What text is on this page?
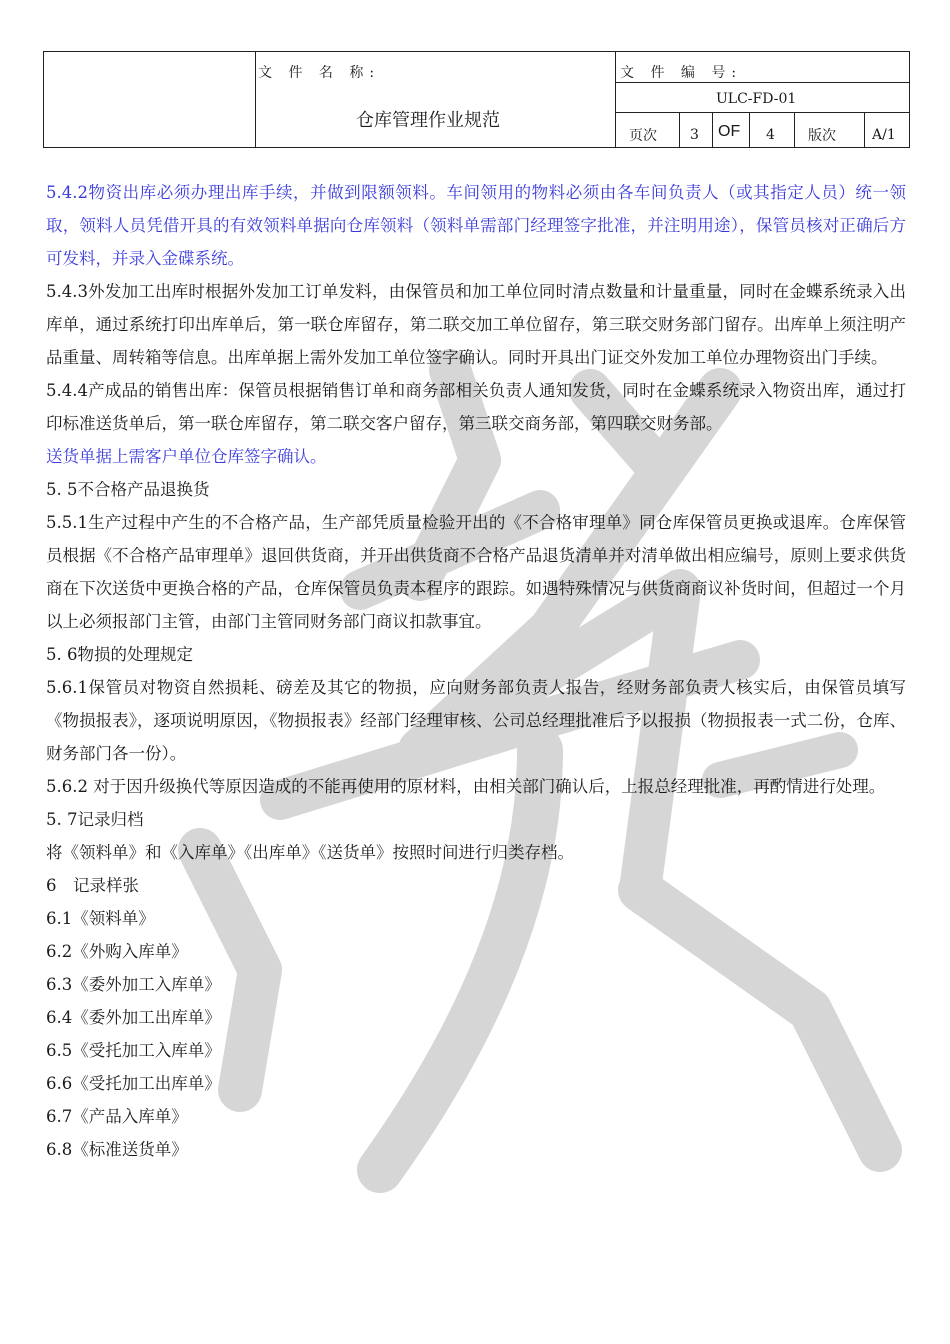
文 件 名 称:
仓库管理作业规范
文 件 编 号:
ULC-FD-01
页次 3 OF 4 版次	A/1

5.4.2物资出库必须办理出库手续，并做到限额领料。车间领用的物料必须由各车间负责人（或其指定人员）统一领取，领料人员凭借开具的有效领料单据向仓库领料（领料单需部门经理签字批准，并注明用途），保管员核对正确后方可发料，并录入金碟系统。

5.4.3外发加工出库时根据外发加工订单发料，由保管员和加工单位同时清点数量和计量重量，同时在金蝶系统录入出库单，通过系统打印出库单后，第一联仓库留存，第二联交加工单位留存，第三联交财务部门留存。出库单上须注明产品重量、周转箱等信息。出库单据上需外发加工单位签字确认。同时开具出门证交外发加工单位办理物资出门手续。

5.4.4产成品的销售出库：保管员根据销售订单和商务部相关负责人通知发货，同时在金蝶系统录入物资出库，通过打印标准送货单后，第一联仓库留存，第二联交客户留存，第三联交商务部，第四联交财务部。

送货单据上需客户单位仓库签字确认。

5. 5不合格产品退换货

5.5.1生产过程中产生的不合格产品，生产部凭质量检验开出的《不合格审理单》同仓库保管员更换或退库。仓库保管员根据《不合格产品审理单》退回供货商，并开出供货商不合格产品退货清单并对清单做出相应编号，原则上要求供货商在下次送货中更换合格的产品，仓库保管员负责本程序的跟踪。如遇特殊情况与供货商商议补货时间，但超过一个月以上必须报部门主管，由部门主管同财务部门商议扣款事宜。

5. 6物损的处理规定

5.6.1保管员对物资自然损耗、磅差及其它的物损，应向财务部负责人报告，经财务部负责人核实后，由保管员填写《物损报表》，逐项说明原因，《物损报表》经部门经理审核、公司总经理批准后予以报损（物损报表一式二份，仓库、财务部门各一份）。

5.6.2 对于因升级换代等原因造成的不能再使用的原材料，由相关部门确认后，上报总经理批准，再酌情进行处理。

5. 7记录归档

将《领料单》和《入库单》《出库单》《送货单》按照时间进行归类存档。

6　记录样张

6.1《领料单》

6.2《外购入库单》

6.3《委外加工入库单》

6.4《委外加工出库单》

6.5《受托加工入库单》

6.6《受托加工出库单》

6.7《产品入库单》

6.8《标准送货单》
